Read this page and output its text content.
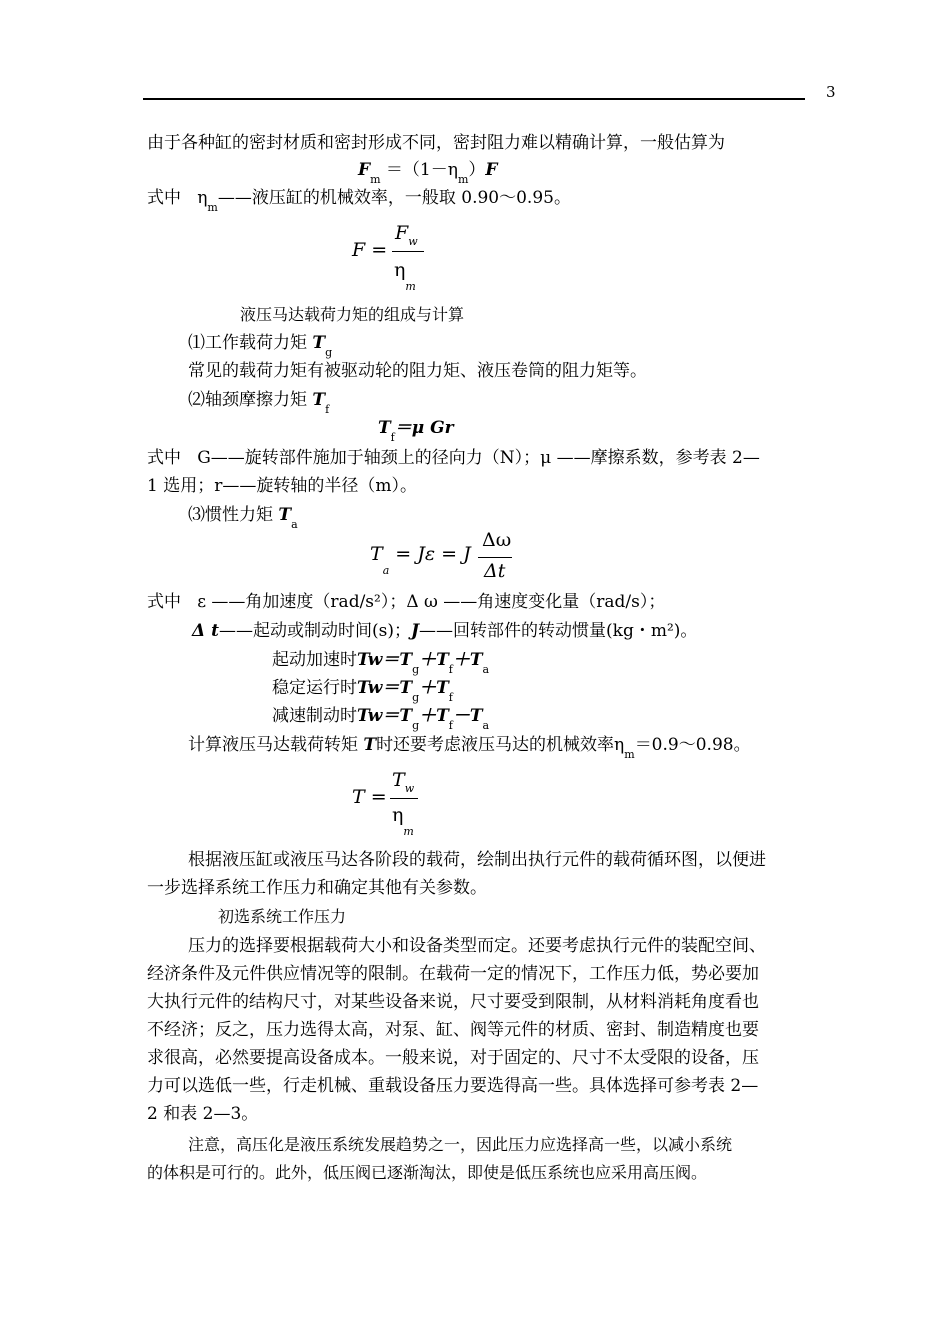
3
由于各种缸的密封材质和密封形成不同，密封阻力难以精确计算，一般估算为
$F_m =(1-\eta_m)F$
式中 $\eta_m——$液压缸的机械效率，一般取 0.90～0.95。
F =
$F_w$
$\eta_m$
液压马达载荷力矩的组成与计算
⑴工作载荷力矩 $T_g$
常见的载荷力矩有被驱动轮的阻力矩、液压卷筒的阻力矩等。
⑵轴颈摩擦力矩 $T_f$
$T_f=\mu$ Gr
式中 G——旋转部件施加于轴颈上的径向力（N）；μ ——摩擦系数，参考表 2—
1 选用；r——旋转轴的半径（m）。
⑶惯性力矩 $T_a$
$T_a = J\varepsilon = J$
Δω
Δt
式中 ε ——角加速度（rad/s²）；Δ ω ——角速度变化量（rad/s）；
Δ t——起动或制动时间(s)；J——回转部件的转动惯量(kg・m²)。
起动加速时$Tw=T_g+T_f+T_a$
稳定运行时$Tw=T_g+T_f$
减速制动时$Tw=T_g+T_f-T_a$
计算液压马达载荷转矩 T时还要考虑液压马达的机械效率$\eta_m=0.9\sim 0.98$。
T =
$T_w$
$\eta_m$
根据液压缸或液压马达各阶段的载荷，绘制出执行元件的载荷循环图，以便进
一步选择系统工作压力和确定其他有关参数。
初选系统工作压力
压力的选择要根据载荷大小和设备类型而定。还要考虑执行元件的装配空间、
经济条件及元件供应情况等的限制。在载荷一定的情况下，工作压力低，势必要加
大执行元件的结构尺寸，对某些设备来说，尺寸要受到限制，从材料消耗角度看也
不经济；反之，压力选得太高，对泵、缸、阀等元件的材质、密封、制造精度也要
求很高，必然要提高设备成本。一般来说，对于固定的、尺寸不太受限的设备，压
力可以选低一些，行走机械、重载设备压力要选得高一些。具体选择可参考表 2—
2 和表 2—3。
注意，高压化是液压系统发展趋势之一，因此压力应选择高一些，以减小系统
的体积是可行的。此外，低压阀已逐渐淘汰，即使是低压系统也应采用高压阀。
